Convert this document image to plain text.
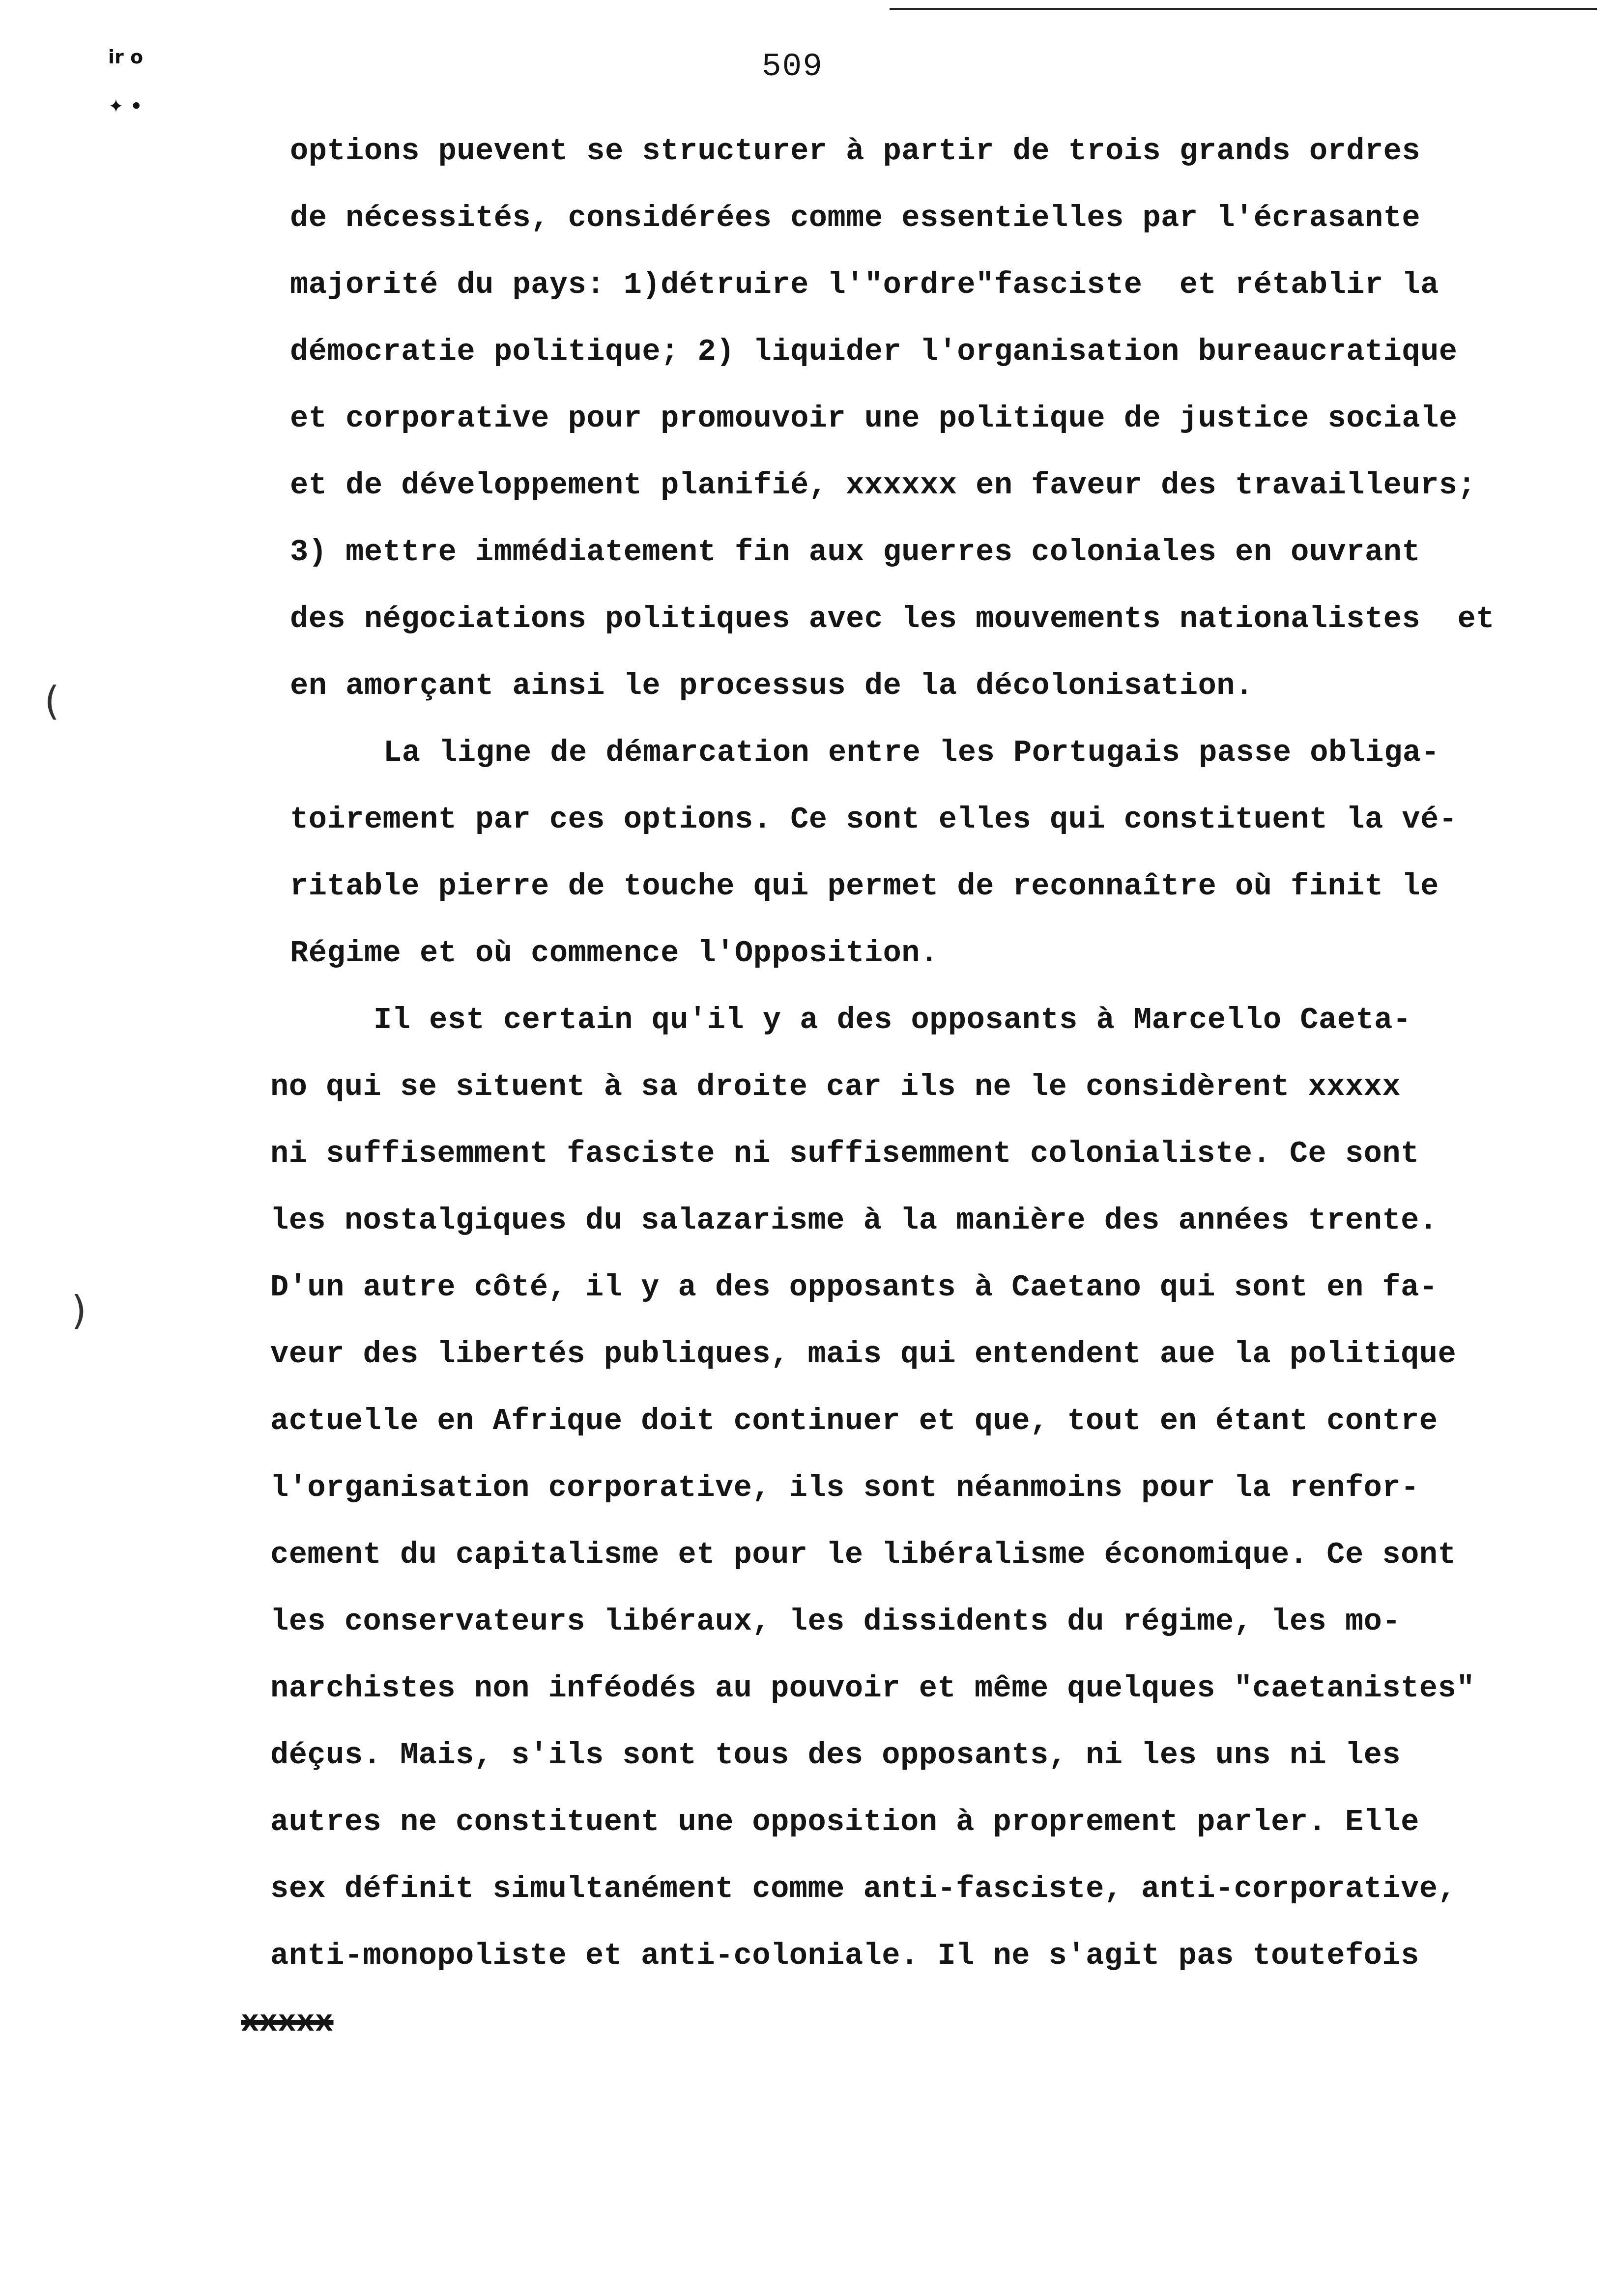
ir o
✦ •
509
(
)
options puevent se structurer à partir de trois grands ordres
de nécessités, considérées comme essentielles par l'écrasante
majorité du pays: 1)détruire l'"ordre"fasciste  et rétablir la
démocratie politique; 2) liquider l'organisation bureaucratique
et corporative pour promouvoir une politique de justice sociale
et de développement planifié, xxxxxx en faveur des travailleurs;
3) mettre immédiatement fin aux guerres coloniales en ouvrant
des négociations politiques avec les mouvements nationalistes  et
en amorçant ainsi le processus de la décolonisation.
La ligne de démarcation entre les Portugais passe obliga-
toirement par ces options. Ce sont elles qui constituent la vé-
ritable pierre de touche qui permet de reconnaître où finit le
Régime et où commence l'Opposition.
Il est certain qu'il y a des opposants à Marcello Caeta-
no qui se situent à sa droite car ils ne le considèrent xxxxx
ni suffisemment fasciste ni suffisemment colonialiste. Ce sont
les nostalgiques du salazarisme à la manière des années trente.
D'un autre côté, il y a des opposants à Caetano qui sont en fa-
veur des libertés publiques, mais qui entendent aue la politique
actuelle en Afrique doit continuer et que, tout en étant contre
l'organisation corporative, ils sont néanmoins pour la renfor-
cement du capitalisme et pour le libéralisme économique. Ce sont
les conservateurs libéraux, les dissidents du régime, les mo-
narchistes non inféodés au pouvoir et même quelques "caetanistes"
déçus. Mais, s'ils sont tous des opposants, ni les uns ni les
autres ne constituent une opposition à proprement parler. Elle
sex définit simultanément comme anti-fasciste, anti-corporative,
anti-monopoliste et anti-coloniale. Il ne s'agit pas toutefois
xxxxx
